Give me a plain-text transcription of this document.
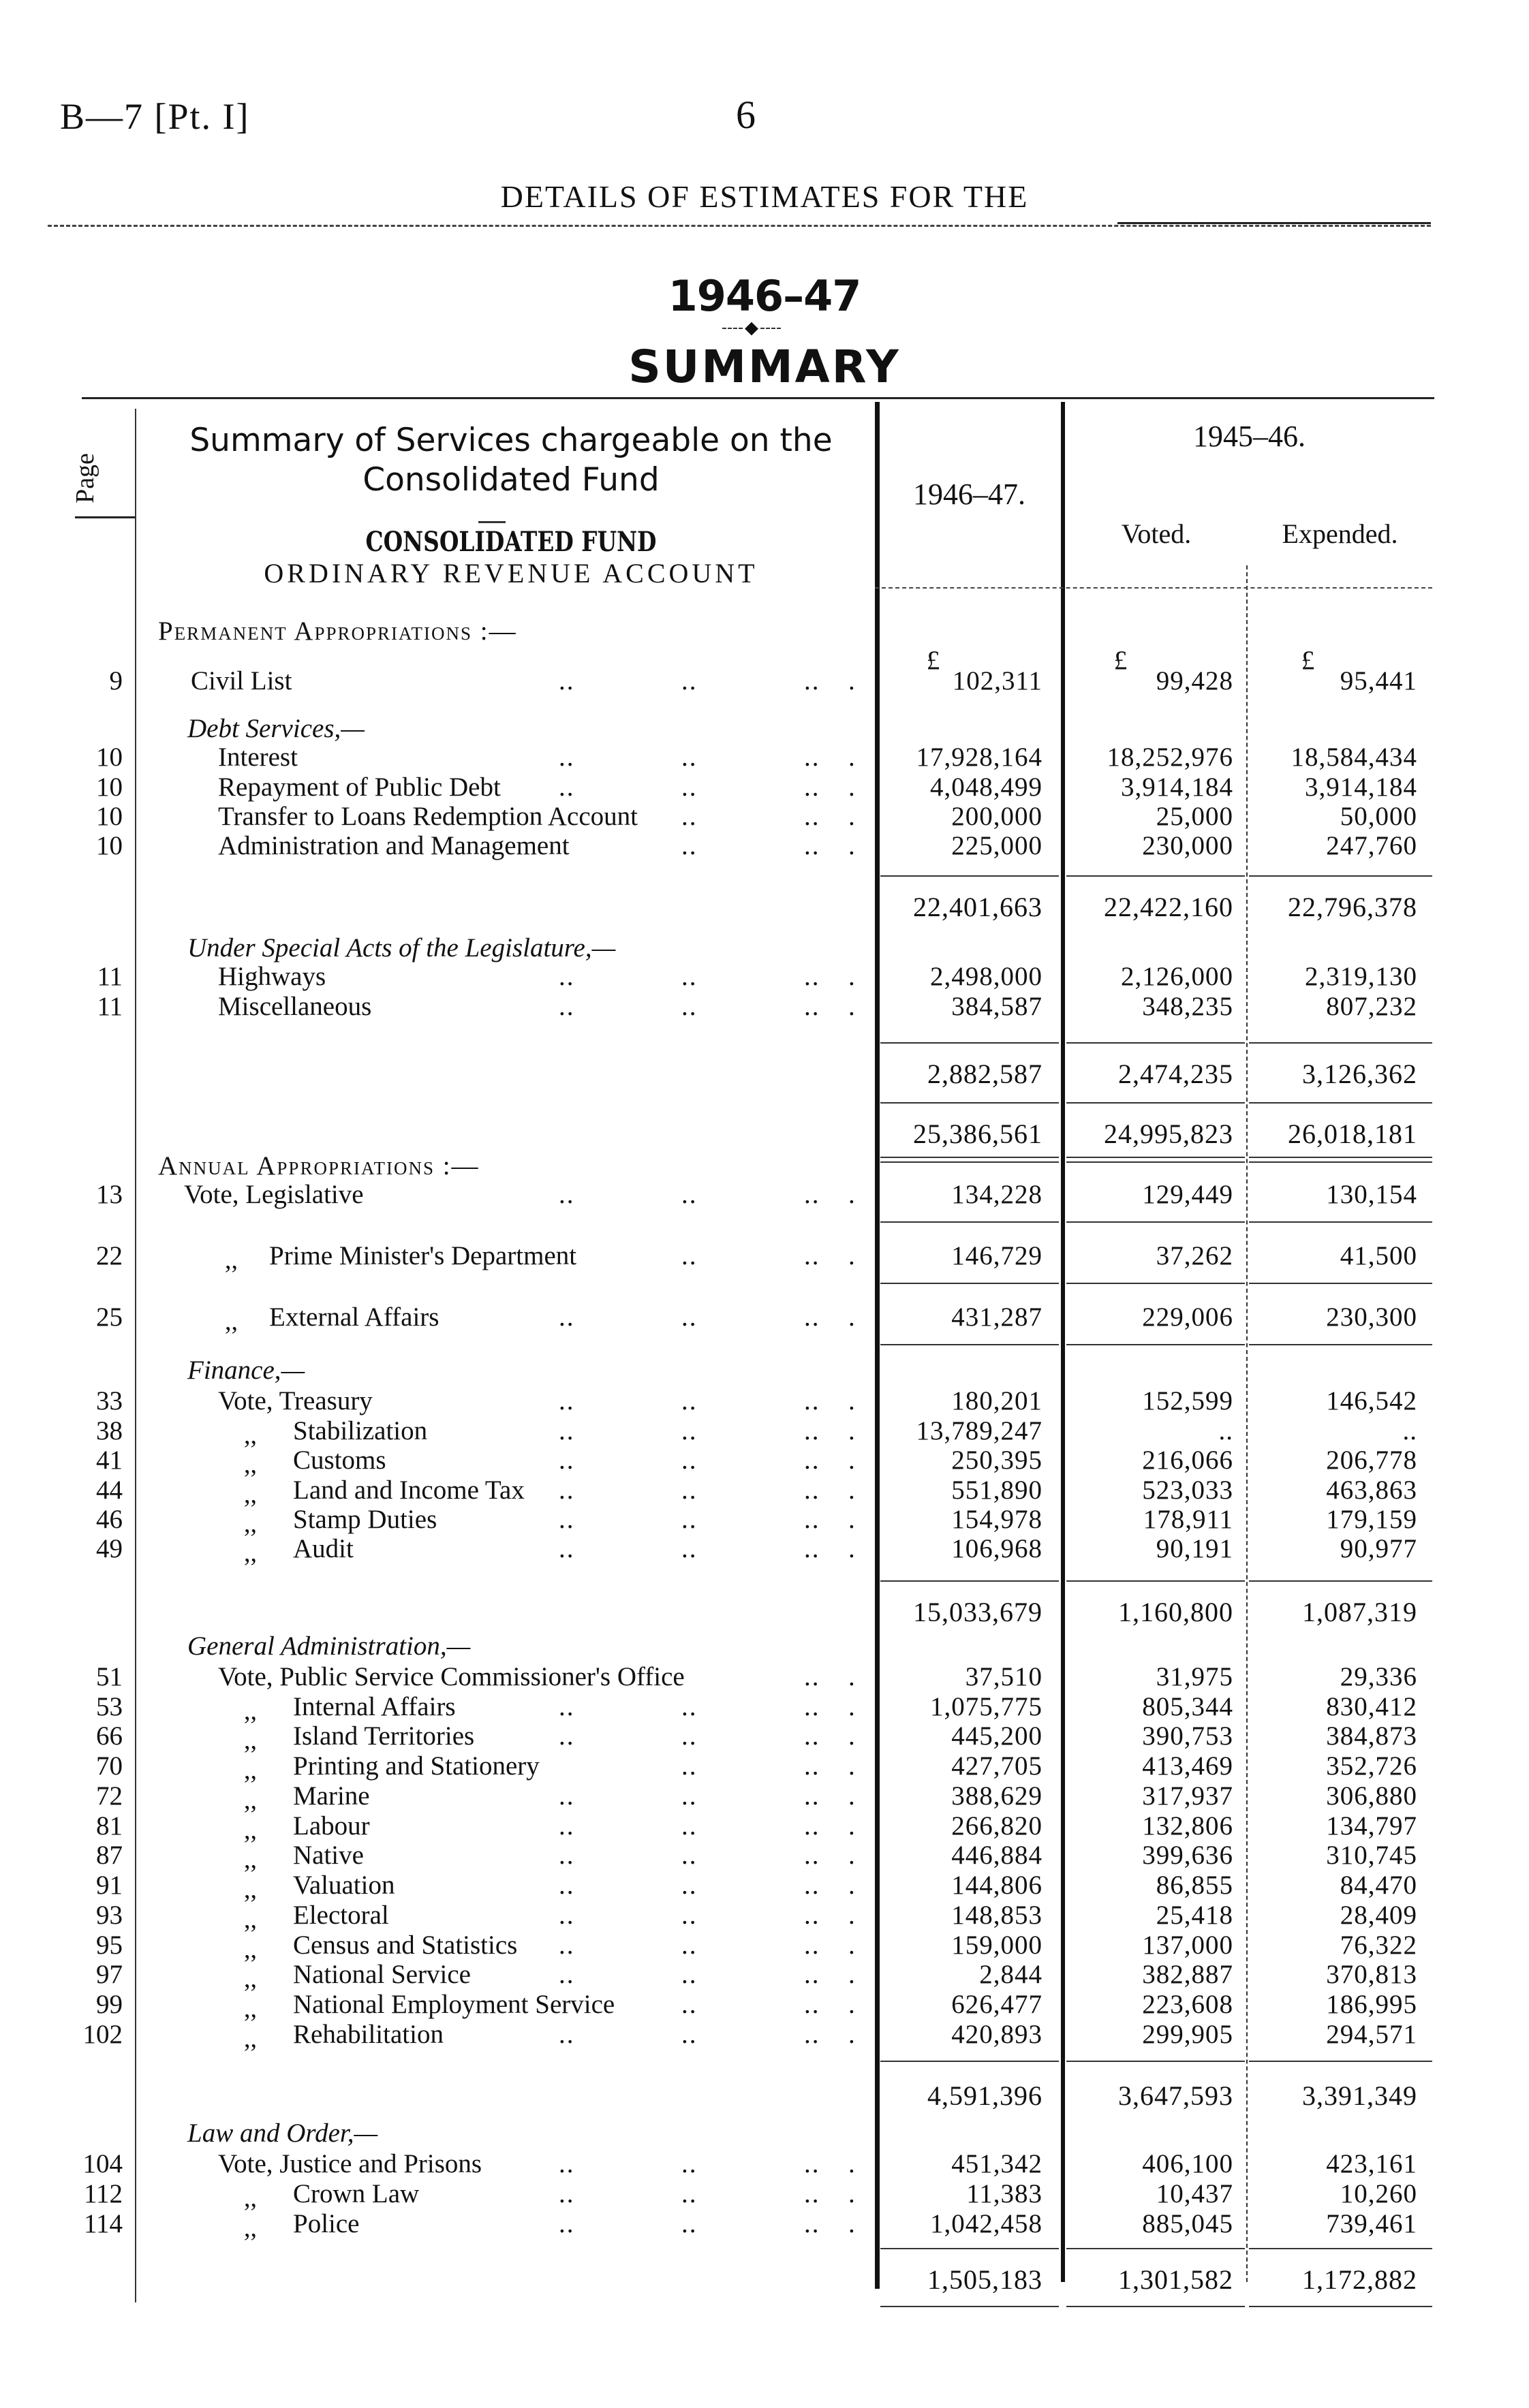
B—7 [Pt. I]	6
DETAILS OF ESTIMATES FOR THE
1946–47
SUMMARY
Page
Summary of Services chargeable on the
Consolidated Fund
CONSOLIDATED FUND
ORDINARY REVENUE ACCOUNT
1946–47.
1945–46.
Voted.	Expended.
£	£	£
Permanent Appropriations :—
9	Civil List	..	..	.. .	102,311	99,428	95,441
Debt Services,—
10	Interest	..	..	.. .	17,928,164	18,252,976	18,584,434
10	Repayment of Public Debt ..	..	.. .	4,048,499	3,914,184	3,914,184
10	Transfer to Loans Redemption Account ..	.. .	200,000	25,000	50,000
10	Administration and Management	..	.. .	225,000	230,000	247,760
22,401,663	22,422,160	22,796,378
Under Special Acts of the Legislature,—
11	Highways	..	..	.. .	2,498,000	2,126,000	2,319,130
11	Miscellaneous	..	..	.. .	384,587	348,235	807,232
2,882,587	2,474,235	3,126,362
25,386,561	24,995,823	26,018,181
Annual Appropriations :—
13 Vote, Legislative	..	..	.. .	134,228	129,449	130,154
22	,, Prime Minister's Department	..	.. .	146,729	37,262	41,500
25	,, External Affairs	..	..	.. .	431,287	229,006	230,300
Finance,—
33	Vote, Treasury	..	..	.. .	180,201	152,599	146,542
38	,, Stabilization	..	..	.. .	13,789,247	..	..
41	,, Customs	..	..	.. .	250,395	216,066	206,778
44	,, Land and Income Tax ..	..	.. .	551,890	523,033	463,863
46	,, Stamp Duties	..	..	.. .	154,978	178,911	179,159
49	,, Audit	..	..	.. .	106,968	90,191	90,977
15,033,679	1,160,800	1,087,319
General Administration,—
51	Vote, Public Service Commissioner's Office	.. .	37,510	31,975	29,336
53	,, Internal Affairs	..	..	.. .	1,075,775	805,344	830,412
66	,, Island Territories	..	..	.. .	445,200	390,753	384,873
70	,, Printing and Stationery	..	.. .	427,705	413,469	352,726
72	,, Marine	..	..	.. .	388,629	317,937	306,880
81	,, Labour	..	..	.. .	266,820	132,806	134,797
87	,, Native	..	..	.. .	446,884	399,636	310,745
91	,, Valuation	..	..	.. .	144,806	86,855	84,470
93	,, Electoral	..	..	.. .	148,853	25,418	28,409
95	,, Census and Statistics ..	..	.. .	159,000	137,000	76,322
97	,, National Service	..	..	.. .	2,844	382,887	370,813
99	,, National Employment Service	..	.. .	626,477	223,608	186,995
102	,, Rehabilitation	..	..	.. .	420,893	299,905	294,571
4,591,396	3,647,593	3,391,349
Law and Order,—
104	Vote, Justice and Prisons	..	..	.. .	451,342	406,100	423,161
112	,, Crown Law	..	..	.. .	11,383	10,437	10,260
114	,, Police	..	..	.. .	1,042,458	885,045	739,461
1,505,183	1,301,582	1,172,882
